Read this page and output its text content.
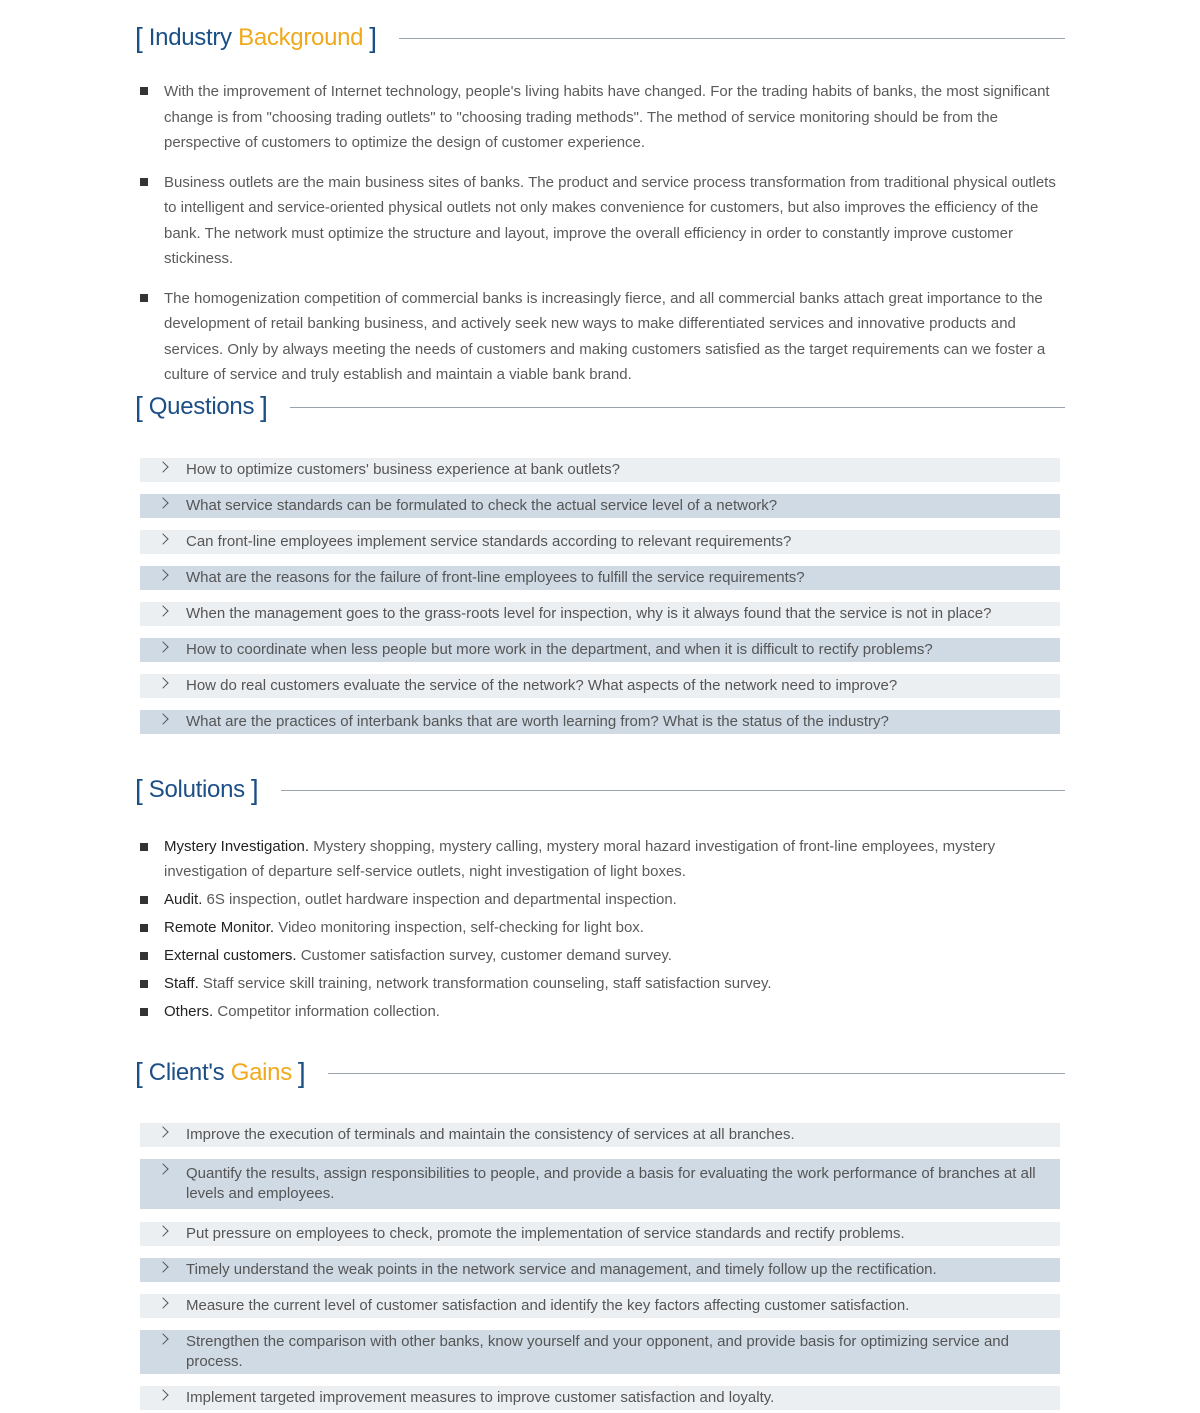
[ Industry Background ]
With the improvement of Internet technology, people's living habits have changed. For the trading habits of banks, the most significant change is from "choosing trading outlets" to "choosing trading methods". The method of service monitoring should be from the perspective of customers to optimize the design of customer experience.
Business outlets are the main business sites of banks. The product and service process transformation from traditional physical outlets to intelligent and service-oriented physical outlets not only makes convenience for customers, but also improves the efficiency of the bank. The network must optimize the structure and layout, improve the overall efficiency in order to constantly improve customer stickiness.
The homogenization competition of commercial banks is increasingly fierce, and all commercial banks attach great importance to the development of retail banking business, and actively seek new ways to make differentiated services and innovative products and services. Only by always meeting the needs of customers and making customers satisfied as the target requirements can we foster a culture of service and truly establish and maintain a viable bank brand.
[ Questions ]
How to optimize customers' business experience at bank outlets?
What service standards can be formulated to check the actual service level of a network?
Can front-line employees implement service standards according to relevant requirements?
What are the reasons for the failure of front-line employees to fulfill the service requirements?
When the management goes to the grass-roots level for inspection, why is it always found that the service is not in place?
How to coordinate when less people but more work in the department, and when it is difficult to rectify problems?
How do real customers evaluate the service of the network? What aspects of the network need to improve?
What are the practices of interbank banks that are worth learning from? What is the status of the industry?
[ Solutions ]
Mystery Investigation. Mystery shopping, mystery calling, mystery moral hazard investigation of front-line employees, mystery investigation of departure self-service outlets, night investigation of light boxes.
Audit. 6S inspection, outlet hardware inspection and departmental inspection.
Remote Monitor. Video monitoring inspection, self-checking for light box.
External customers. Customer satisfaction survey, customer demand survey.
Staff. Staff service skill training, network transformation counseling, staff satisfaction survey.
Others. Competitor information collection.
[ Client's Gains ]
Improve the execution of terminals and maintain the consistency of services at all branches.
Quantify the results, assign responsibilities to people, and provide a basis for evaluating the work performance of branches at all levels and employees.
Put pressure on employees to check, promote the implementation of service standards and rectify problems.
Timely understand the weak points in the network service and management, and timely follow up the rectification.
Measure the current level of customer satisfaction and identify the key factors affecting customer satisfaction.
Strengthen the comparison with other banks, know yourself and your opponent, and provide basis for optimizing service and process.
Implement targeted improvement measures to improve customer satisfaction and loyalty.
